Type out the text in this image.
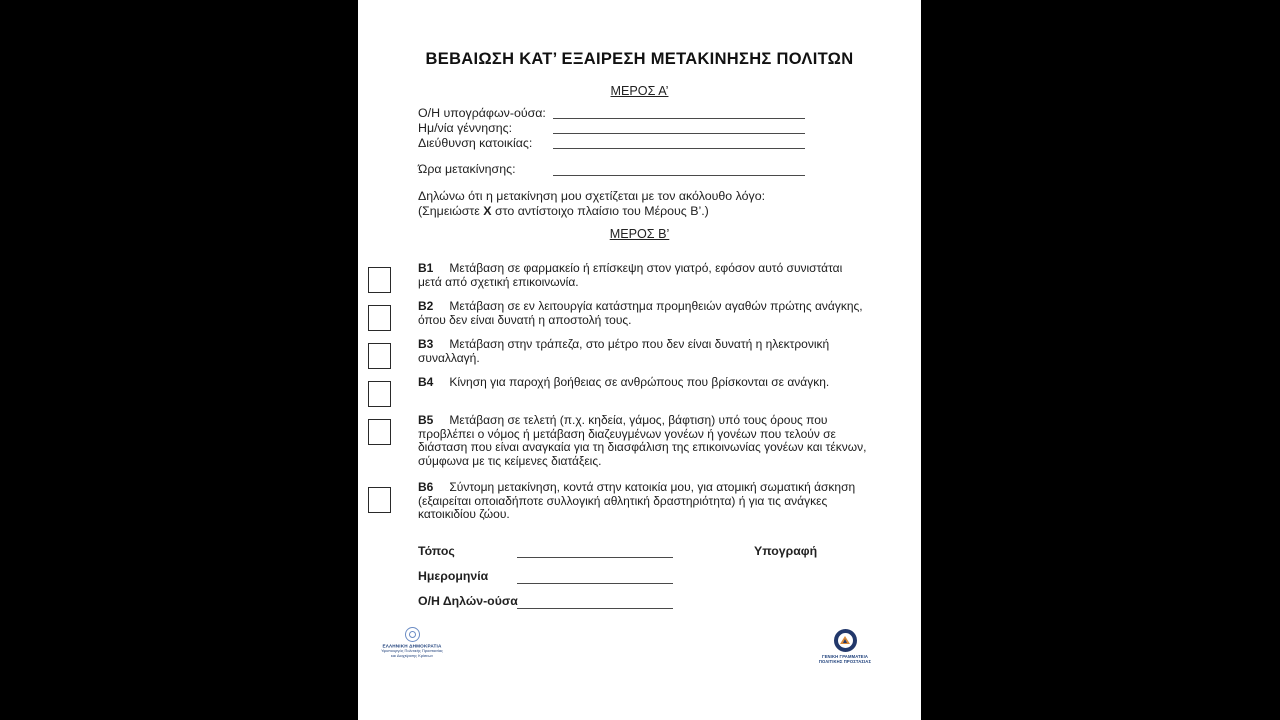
ΒΕΒΑΙΩΣΗ ΚΑΤ’ ΕΞΑΙΡΕΣΗ ΜΕΤΑΚΙΝΗΣΗΣ ΠΟΛΙΤΩΝ
ΜΕΡΟΣ Α’
Ο/Η υπογράφων-ούσα:
Ημ/νία γέννησης:
Διεύθυνση κατοικίας:
Ώρα μετακίνησης:
Δηλώνω ότι η μετακίνηση μου σχετίζεται με τον ακόλουθο λόγο:
(Σημειώστε X στο αντίστοιχο πλαίσιο του Μέρους Β’.)
ΜΕΡΟΣ Β’
Β1 Μετάβαση σε φαρμακείο ή επίσκεψη στον γιατρό, εφόσον αυτό συνιστάται μετά από σχετική επικοινωνία.
Β2 Μετάβαση σε εν λειτουργία κατάστημα προμηθειών αγαθών πρώτης ανάγκης, όπου δεν είναι δυνατή η αποστολή τους.
Β3 Μετάβαση στην τράπεζα, στο μέτρο που δεν είναι δυνατή η ηλεκτρονική συναλλαγή.
Β4 Κίνηση για παροχή βοήθειας σε ανθρώπους που βρίσκονται σε ανάγκη.
Β5 Μετάβαση σε τελετή (π.χ. κηδεία, γάμος, βάφτιση) υπό τους όρους που προβλέπει ο νόμος ή μετάβαση διαζευγμένων γονέων ή γονέων που τελούν σε διάσταση που είναι αναγκαία για τη διασφάλιση της επικοινωνίας γονέων και τέκνων, σύμφωνα με τις κείμενες διατάξεις.
Β6 Σύντομη μετακίνηση, κοντά στην κατοικία μου, για ατομική σωματική άσκηση (εξαιρείται οποιαδήποτε συλλογική αθλητική δραστηριότητα) ή για τις ανάγκες κατοικιδίου ζώου.
Τόπος
Ημερομηνία
Ο/Η Δηλών-ούσα
Υπογραφή
ΕΛΛΗΝΙΚΗ ΔΗΜΟΚΡΑΤΙΑ
Υφυπουργός Πολιτικής Προστασίας
και Διαχείρισης Κρίσεων	ΓΕΝΙΚΗ ΓΡΑΜΜΑΤΕΙΑ
ΠΟΛΙΤΙΚΗΣ ΠΡΟΣΤΑΣΙΑΣ
